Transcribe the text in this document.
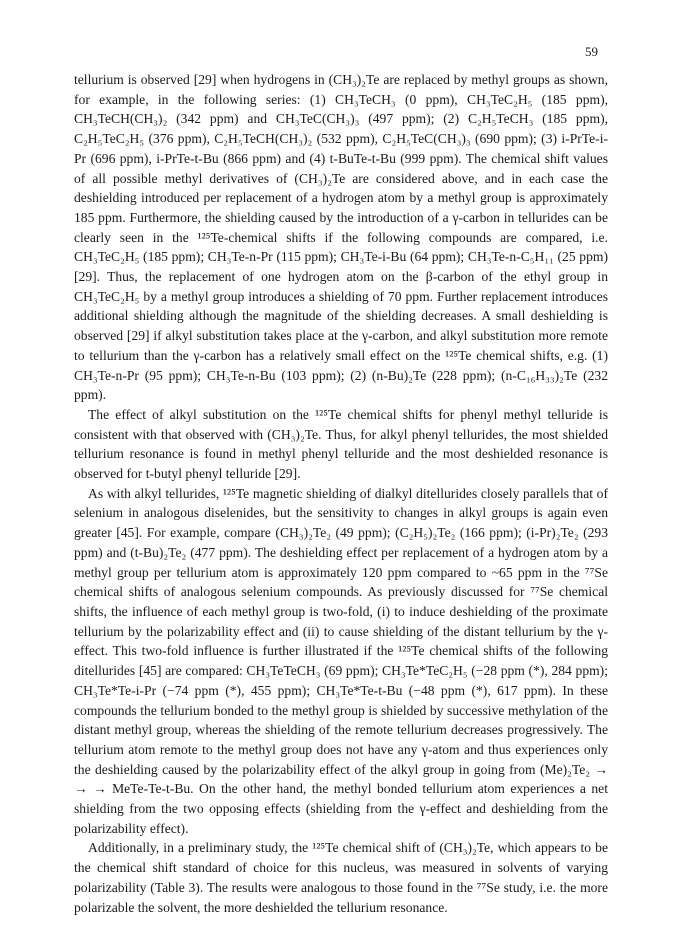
59

tellurium is observed [29] when hydrogens in (CH₃)₂Te are replaced by methyl groups as shown, for example, in the following series: (1) CH₃TeCH₃ (0 ppm), CH₃TeC₂H₅ (185 ppm), CH₃TeCH(CH₃)₂ (342 ppm) and CH₃TeC(CH₃)₃ (497 ppm); (2) C₂H₅TeCH₃ (185 ppm), C₂H₅TeC₂H₅ (376 ppm), C₂H₅TeCH(CH₃)₂ (532 ppm), C₂H₅TeC(CH₃)₃ (690 ppm); (3) i-PrTe-i-Pr (696 ppm), i-PrTe-t-Bu (866 ppm) and (4) t-BuTe-t-Bu (999 ppm). The chemical shift values of all possible methyl derivatives of (CH₃)₂Te are considered above, and in each case the deshielding introduced per replacement of a hydrogen atom by a methyl group is approximately 185 ppm. Furthermore, the shielding caused by the introduction of a γ-carbon in tellurides can be clearly seen in the ¹²⁵Te-chemical shifts if the following compounds are compared, i.e. CH₃TeC₂H₅ (185 ppm); CH₃Te-n-Pr (115 ppm); CH₃Te-i-Bu (64 ppm); CH₃Te-n-C₅H₁₁ (25 ppm) [29]. Thus, the replacement of one hydrogen atom on the β-carbon of the ethyl group in CH₃TeC₂H₅ by a methyl group introduces a shielding of 70 ppm. Further replacement introduces additional shielding although the magnitude of the shielding decreases. A small deshielding is observed [29] if alkyl substitution takes place at the γ-carbon, and alkyl substitution more remote to tellurium than the γ-carbon has a relatively small effect on the ¹²⁵Te chemical shifts, e.g. (1) CH₃Te-n-Pr (95 ppm); CH₃Te-n-Bu (103 ppm); (2) (n-Bu)₂Te (228 ppm); (n-C₁₆H₃₃)₂Te (232 ppm).

The effect of alkyl substitution on the ¹²⁵Te chemical shifts for phenyl methyl telluride is consistent with that observed with (CH₃)₂Te. Thus, for alkyl phenyl tellurides, the most shielded tellurium resonance is found in methyl phenyl telluride and the most deshielded resonance is observed for t-butyl phenyl telluride [29].

As with alkyl tellurides, ¹²⁵Te magnetic shielding of dialkyl ditellurides closely parallels that of selenium in analogous diselenides, but the sensitivity to changes in alkyl groups is again even greater [45]. For example, compare (CH₃)₂Te₂ (49 ppm); (C₂H₅)₂Te₂ (166 ppm); (i-Pr)₂Te₂ (293 ppm) and (t-Bu)₂Te₂ (477 ppm). The deshielding effect per replacement of a hydrogen atom by a methyl group per tellurium atom is approximately 120 ppm compared to ~65 ppm in the ⁷⁷Se chemical shifts of analogous selenium compounds. As previously discussed for ⁷⁷Se chemical shifts, the influence of each methyl group is two-fold, (i) to induce deshielding of the proximate tellurium by the polarizability effect and (ii) to cause shielding of the distant tellurium by the γ-effect. This two-fold influence is further illustrated if the ¹²⁵Te chemical shifts of the following ditellurides [45] are compared: CH₃TeTeCH₃ (69 ppm); CH₃Te*TeC₂H₅ (−28 ppm (*), 284 ppm); CH₃Te*Te-i-Pr (−74 ppm (*), 455 ppm); CH₃Te*Te-t-Bu (−48 ppm (*), 617 ppm). In these compounds the tellurium bonded to the methyl group is shielded by successive methylation of the distant methyl group, whereas the shielding of the remote tellurium decreases progressively. The tellurium atom remote to the methyl group does not have any γ-atom and thus experiences only the deshielding caused by the polarizability effect of the alkyl group in going from (Me)₂Te₂ → → → MeTe-Te-t-Bu. On the other hand, the methyl bonded tellurium atom experiences a net shielding from the two opposing effects (shielding from the γ-effect and deshielding from the polarizability effect).

Additionally, in a preliminary study, the ¹²⁵Te chemical shift of (CH₃)₂Te, which appears to be the chemical shift standard of choice for this nucleus, was measured in solvents of varying polarizability (Table 3). The results were analogous to those found in the ⁷⁷Se study, i.e. the more polarizable the solvent, the more deshielded the tellurium resonance.
